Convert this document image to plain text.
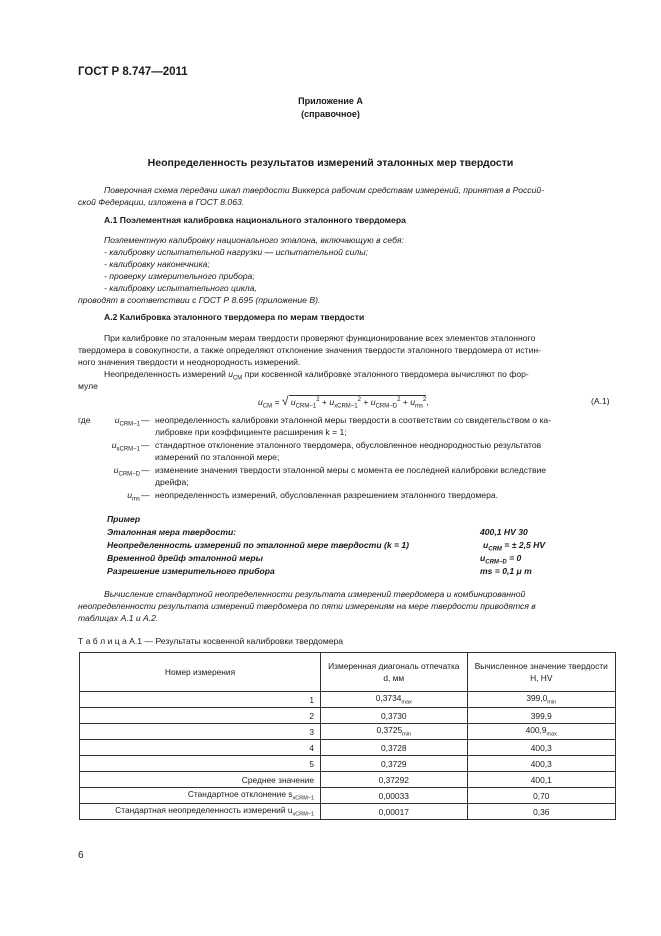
ГОСТ Р 8.747—2011
Приложение А
(справочное)
Неопределенность результатов измерений эталонных мер твердости
Поверочная схема передачи шкал твердости Виккерса рабочим средствам измерений, принятая в Россий-
ской Федерации, изложена в ГОСТ 8.063.
А.1 Поэлементная калибровка национального эталонного твердомера
Поэлементную калибровку национального эталона, включающую в себя:
- калибровку испытательной нагрузки — испытательной силы;
- калибровку наконечника;
- проверку измерительного прибора;
- калибровку испытательного цикла,
проводят в соответствии с ГОСТ Р 8.695 (приложение В).
А.2 Калибровка эталонного твердомера по мерам твердости
При калибровке по эталонным мерам твердости проверяют функционирование всех элементов эталонного
твердомера в совокупности, а также определяют отклонение значения твердости эталонного твердомера от истин-
ного значения твердости и неоднородность измерений.
Неопределенность измерений $u_{CM}$ при косвенной калибровке эталонного твердомера вычисляют по фор-
муле
$u_{CM}$ = √ $u_{CRM-1}^2 + u_{xCRM-1}^2 + u_{CRM-D}^2 + u_{ms}^2$,	(А.1)
где	$u_{CRM-1}$ — неопределенность калибровки эталонной меры твердости в соответствии со свидетельством о ка-
либровке при коэффициенте расширения k = 1;
$u_{xCRM-1}$ — стандартное отклонение эталонного твердомера, обусловленное неоднородностью результатов
измерений по эталонной мере;
$u_{CRM-D}$ — изменение значения твердости эталонной меры с момента ее последней калибровки вследствие
дрейфа;
$u_{ms}$ — неопределенность измерений, обусловленная разрешением эталонного твердомера.
Пример
Эталонная мера твердости:	400,1 HV 30
Неопределенность измерений по эталонной мере твердости (k = 1)	$u_{CRM}$ = ± 2,5 HV
Временной дрейф эталонной меры	$u_{CRM-D} = 0$
Разрешение измерительного прибора	ms = 0,1 μ m
Вычисление стандартной неопределенности результата измерений твердомера и комбинированной
неопределенности результата измерений твердомера по пяти измерениям на мере твердости приводятся в
таблицах А.1 и А.2.
Т а б л и ц а А.1 — Результаты косвенной калибровки твердомера
Номер измерения	Измеренная диагональ отпечатка d, мм	Вычисленное значение твердости H, HV
1	$0,3734_{max}$	$399,0_{min}$
2	0,3730	399,9
3	$0,3725_{min}$	$400,9_{max}$
4	0,3728	400,3
5	0,3729	400,3
Среднее значение	0,37292	400,1
Стандартное отклонение $s_{xCRM-1}$	0,00033	0,70
Стандартная неопределенность измерений $u_{xCRM-1}$	0,00017	0,36
6
